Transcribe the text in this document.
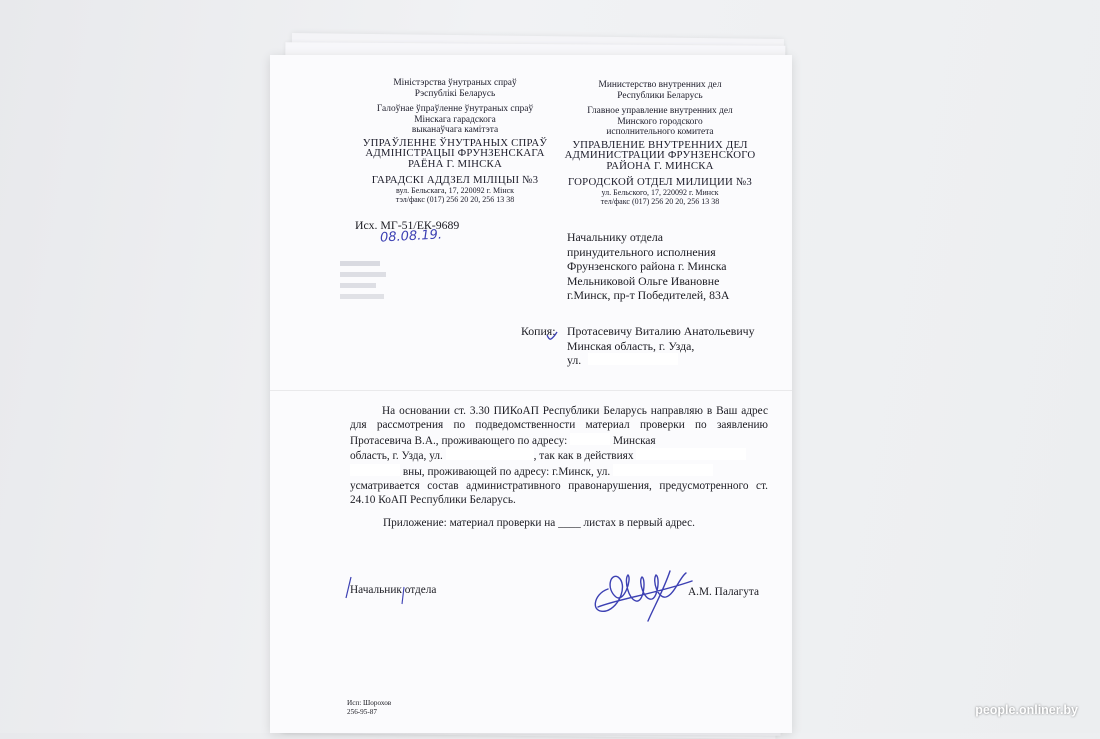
Міністэрства ўнутраных спраў
Рэспублікі Беларусь
Галоўнае ўпраўленне ўнутраных спраў
Мінскага гарадскога
выканаўчага камітэта
УПРАЎЛЕННЕ ЎНУТРАНЫХ СПРАЎ
АДМІНІСТРАЦЫІ ФРУНЗЕНСКАГА
РАЁНА Г. МІНСКА
ГАРАДСКІ АДДЗЕЛ МІЛІЦЫІ №3
вул. Бельскага, 17, 220092 г. Мінск
тэл/факс (017) 256 20 20, 256 13 38
Министерство внутренних дел
Республики Беларусь
Главное управление внутренних дел
Минского городского
исполнительного комитета
УПРАВЛЕНИЕ ВНУТРЕННИХ ДЕЛ
АДМИНИСТРАЦИИ ФРУНЗЕНСКОГО
РАЙОНА Г. МИНСКА
ГОРОДСКОЙ ОТДЕЛ МИЛИЦИИ №3
ул. Бельского, 17, 220092 г. Минск
тел/факс (017) 256 20 20, 256 13 38
Исх. МГ-51/ЕК-9689
08.08.19.	Начальнику отдела
принудительного исполнения
Фрунзенского района г. Минска
Мельниковой Ольге Ивановне
г.Минск, пр-т Победителей, 83А
Копия: Протасевичу Виталию Анатольевичу
Минская область, г. Узда,
ул.

На основании ст. 3.30 ПИКоАП Республики Беларусь направляю в Ваш адрес для рассмотрения по подведомственности материал проверки по заявлению Протасевича В.А., проживающего по адресу:	Минская

область, г. Узда, ул.	, так как в действиях

вны, проживающей по адресу: г.Минск, ул.

усматривается состав административного правонарушения, предусмотренного ст. 24.10 КоАП Республики Беларусь.

Приложение: материал проверки на ____ листах в первый адрес.
Начальник отдела	А.М. Палагута
Исп: Шорохов
256-95-87	people.onliner.by
